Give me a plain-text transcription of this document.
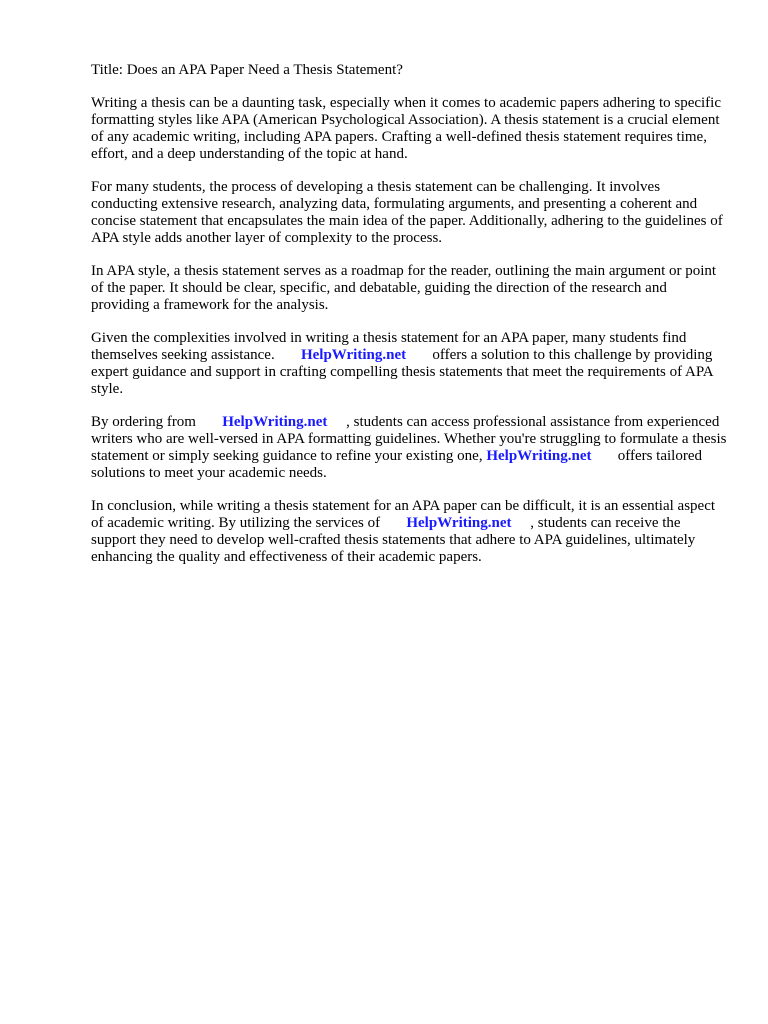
Title: Does an APA Paper Need a Thesis Statement?

Writing a thesis can be a daunting task, especially when it comes to academic papers adhering to specific formatting styles like APA (American Psychological Association). A thesis statement is a crucial element of any academic writing, including APA papers. Crafting a well-defined thesis statement requires time, effort, and a deep understanding of the topic at hand.

For many students, the process of developing a thesis statement can be challenging. It involves conducting extensive research, analyzing data, formulating arguments, and presenting a coherent and concise statement that encapsulates the main idea of the paper. Additionally, adhering to the guidelines of APA style adds another layer of complexity to the process.

In APA style, a thesis statement serves as a roadmap for the reader, outlining the main argument or point of the paper. It should be clear, specific, and debatable, guiding the direction of the research and providing a framework for the analysis.

Given the complexities involved in writing a thesis statement for an APA paper, many students find themselves seeking assistance. HelpWriting.net offers a solution to this challenge by providing expert guidance and support in crafting compelling thesis statements that meet the requirements of APA style.

By ordering from HelpWriting.net , students can access professional assistance from experienced writers who are well-versed in APA formatting guidelines. Whether you're struggling to formulate a thesis statement or simply seeking guidance to refine your existing one, HelpWriting.net offers tailored solutions to meet your academic needs.

In conclusion, while writing a thesis statement for an APA paper can be difficult, it is an essential aspect of academic writing. By utilizing the services of HelpWriting.net , students can receive the support they need to develop well-crafted thesis statements that adhere to APA guidelines, ultimately enhancing the quality and effectiveness of their academic papers.
